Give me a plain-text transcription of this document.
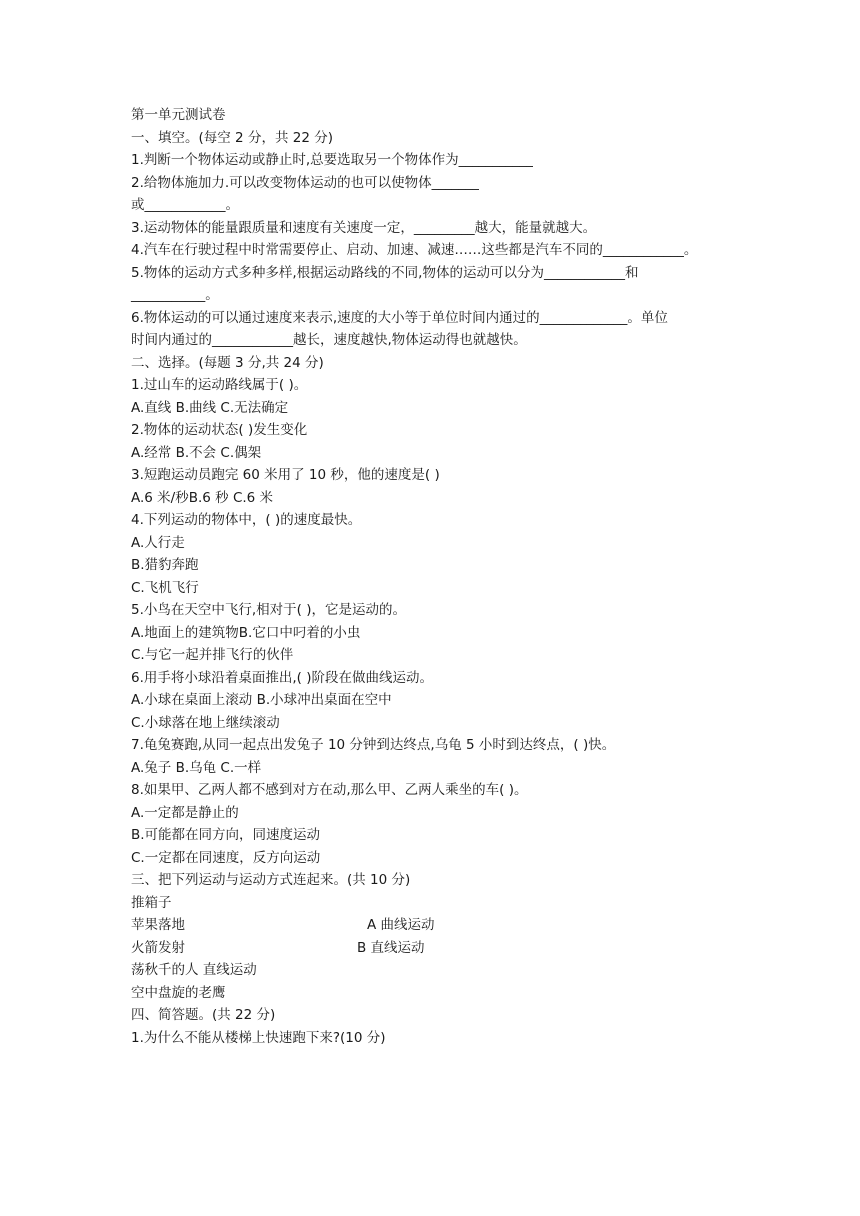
第一单元测试卷
一、填空。(每空 2 分，共 22 分)
1.判断一个物体运动或静止时,总要选取另一个物体作为___________
2.给物体施加力.可以改变物体运动的也可以使物体_______
或____________。
3.运动物体的能量跟质量和速度有关速度一定，_________越大，能量就越大。
4.汽车在行驶过程中时常需要停止、启动、加速、减速……这些都是汽车不同的____________。
5.物体的运动方式多种多样,根据运动路线的不同,物体的运动可以分为____________和
___________。
6.物体运动的可以通过速度来表示,速度的大小等于单位时间内通过的_____________。单位
时间内通过的____________越长，速度越快,物体运动得也就越快。
二、选择。(每题 3 分,共 24 分)
1.过山车的运动路线属于( )。
A.直线 B.曲线 C.无法确定
2.物体的运动状态( )发生变化
A.经常 B.不会 C.偶架
3.短跑运动员跑完 60 米用了 10 秒，他的速度是( )
A.6 米/秒B.6 秒 C.6 米
4.下列运动的物体中，( )的速度最快。
A.人行走
B.猎豹奔跑
C.飞机飞行
5.小鸟在天空中飞行,相对于( )，它是运动的。
A.地面上的建筑物B.它口中叼着的小虫
C.与它一起并排飞行的伙伴
6.用手将小球沿着桌面推出,( )阶段在做曲线运动。
A.小球在桌面上滚动 B.小球冲出桌面在空中
C.小球落在地上继续滚动
7.龟兔赛跑,从同一起点出发兔子 10 分钟到达终点,乌龟 5 小时到达终点，( )快。
A.兔子 B.乌龟 C.一样
8.如果甲、乙两人都不感到对方在动,那么甲、乙两人乘坐的车( )。
A.一定都是静止的
B.可能都在同方向，同速度运动
C.一定都在同速度，反方向运动
三、把下列运动与运动方式连起来。(共 10 分)
推箱子
苹果落地	A 曲线运动
火箭发射	B 直线运动
荡秋千的人 直线运动
空中盘旋的老鹰
四、简答题。(共 22 分)
1.为什么不能从楼梯上快速跑下来?(10 分)
